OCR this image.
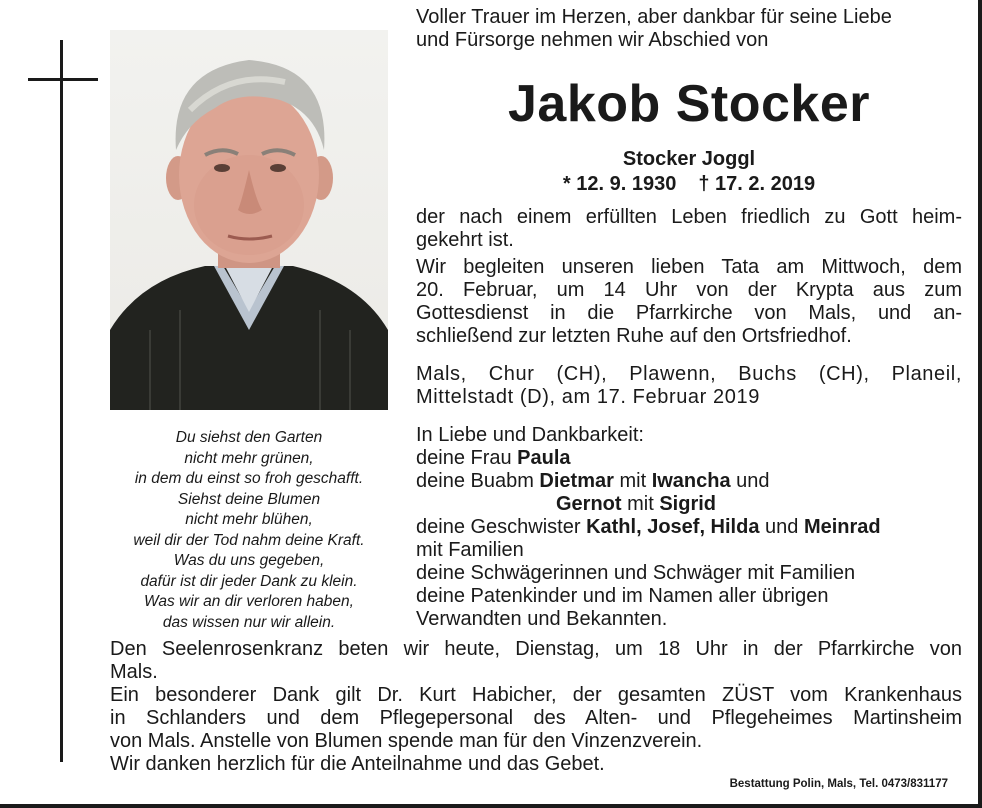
Du siehst den Garten
nicht mehr grünen,
in dem du einst so froh geschafft.
Siehst deine Blumen
nicht mehr blühen,
weil dir der Tod nahm deine Kraft.
Was du uns gegeben,
dafür ist dir jeder Dank zu klein.
Was wir an dir verloren haben,
das wissen nur wir allein.
Voller Trauer im Herzen, aber dankbar für seine Liebe
und Fürsorge nehmen wir Abschied von
Jakob Stocker
Stocker Joggl
* 12. 9. 1930 † 17. 2. 2019
der nach einem erfüllten Leben friedlich zu Gott heim-
gekehrt ist.
Wir begleiten unseren lieben Tata am Mittwoch, dem
20. Februar, um 14 Uhr von der Krypta aus zum
Gottesdienst in die Pfarrkirche von Mals, und an-
schließend zur letzten Ruhe auf den Ortsfriedhof.
Mals, Chur (CH), Plawenn, Buchs (CH), Planeil,
Mittelstadt (D), am 17. Februar 2019
In Liebe und Dankbarkeit:
deine Frau Paula
deine Buabm Dietmar mit Iwancha und
Gernot mit Sigrid
deine Geschwister Kathl, Josef, Hilda und Meinrad
mit Familien
deine Schwägerinnen und Schwäger mit Familien
deine Patenkinder und im Namen aller übrigen
Verwandten und Bekannten.
Den Seelenrosenkranz beten wir heute, Dienstag, um 18 Uhr in der Pfarrkirche von
Mals.
Ein besonderer Dank gilt Dr. Kurt Habicher, der gesamten ZÜST vom Krankenhaus
in Schlanders und dem Pflegepersonal des Alten- und Pflegeheimes Martinsheim
von Mals. Anstelle von Blumen spende man für den Vinzenzverein.
Wir danken herzlich für die Anteilnahme und das Gebet.
Bestattung Polin, Mals, Tel. 0473/831177
